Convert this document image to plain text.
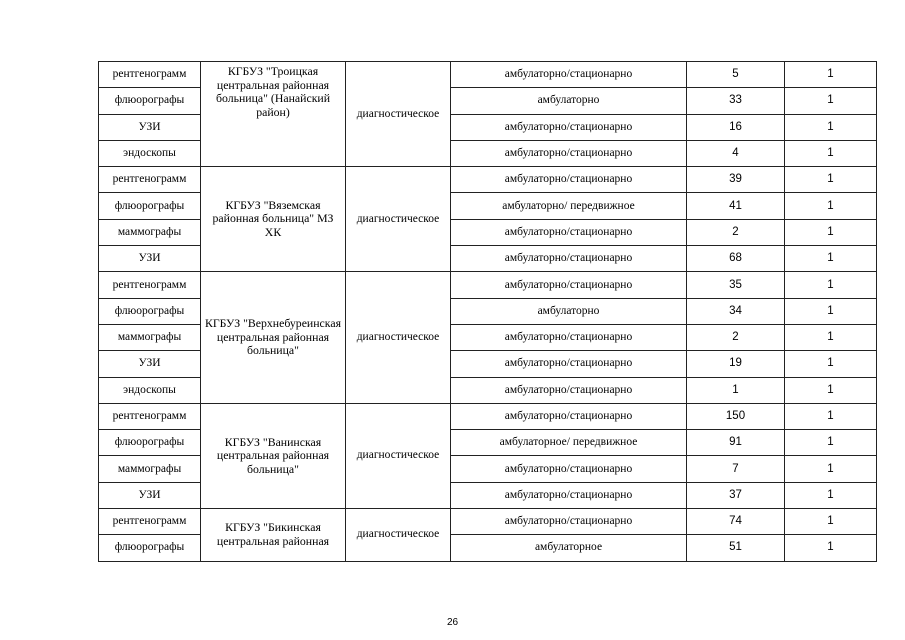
рентгенограмм	КГБУЗ "Троицкая центральная районная больница" (Нанайский район)	диагностическое	амбулаторно/стационарно	5	1
флюорографы			амбулаторно	33	1
УЗИ			амбулаторно/стационарно	16	1
эндоскопы			амбулаторно/стационарно	4	1
рентгенограмм	КГБУЗ "Вяземская районная больница" МЗ ХК	диагностическое	амбулаторно/стационарно	39	1
флюорографы			амбулаторно/ передвижное	41	1
маммографы			амбулаторно/стационарно	2	1
УЗИ			амбулаторно/стационарно	68	1
рентгенограмм	КГБУЗ "Верхнебуреинская центральная районная больница"	диагностическое	амбулаторно/стационарно	35	1
флюорографы			амбулаторно	34	1
маммографы			амбулаторно/стационарно	2	1
УЗИ			амбулаторно/стационарно	19	1
эндоскопы			амбулаторно/стационарно	1	1
рентгенограмм	КГБУЗ "Ванинская центральная районная больница"	диагностическое	амбулаторно/стационарно	150	1
флюорографы			амбулаторное/ передвижное	91	1
маммографы			амбулаторно/стационарно	7	1
УЗИ			амбулаторно/стационарно	37	1
рентгенограмм	КГБУЗ "Бикинская центральная районная	диагностическое	амбулаторно/стационарно	74	1
флюорографы			амбулаторное	51	1
26
